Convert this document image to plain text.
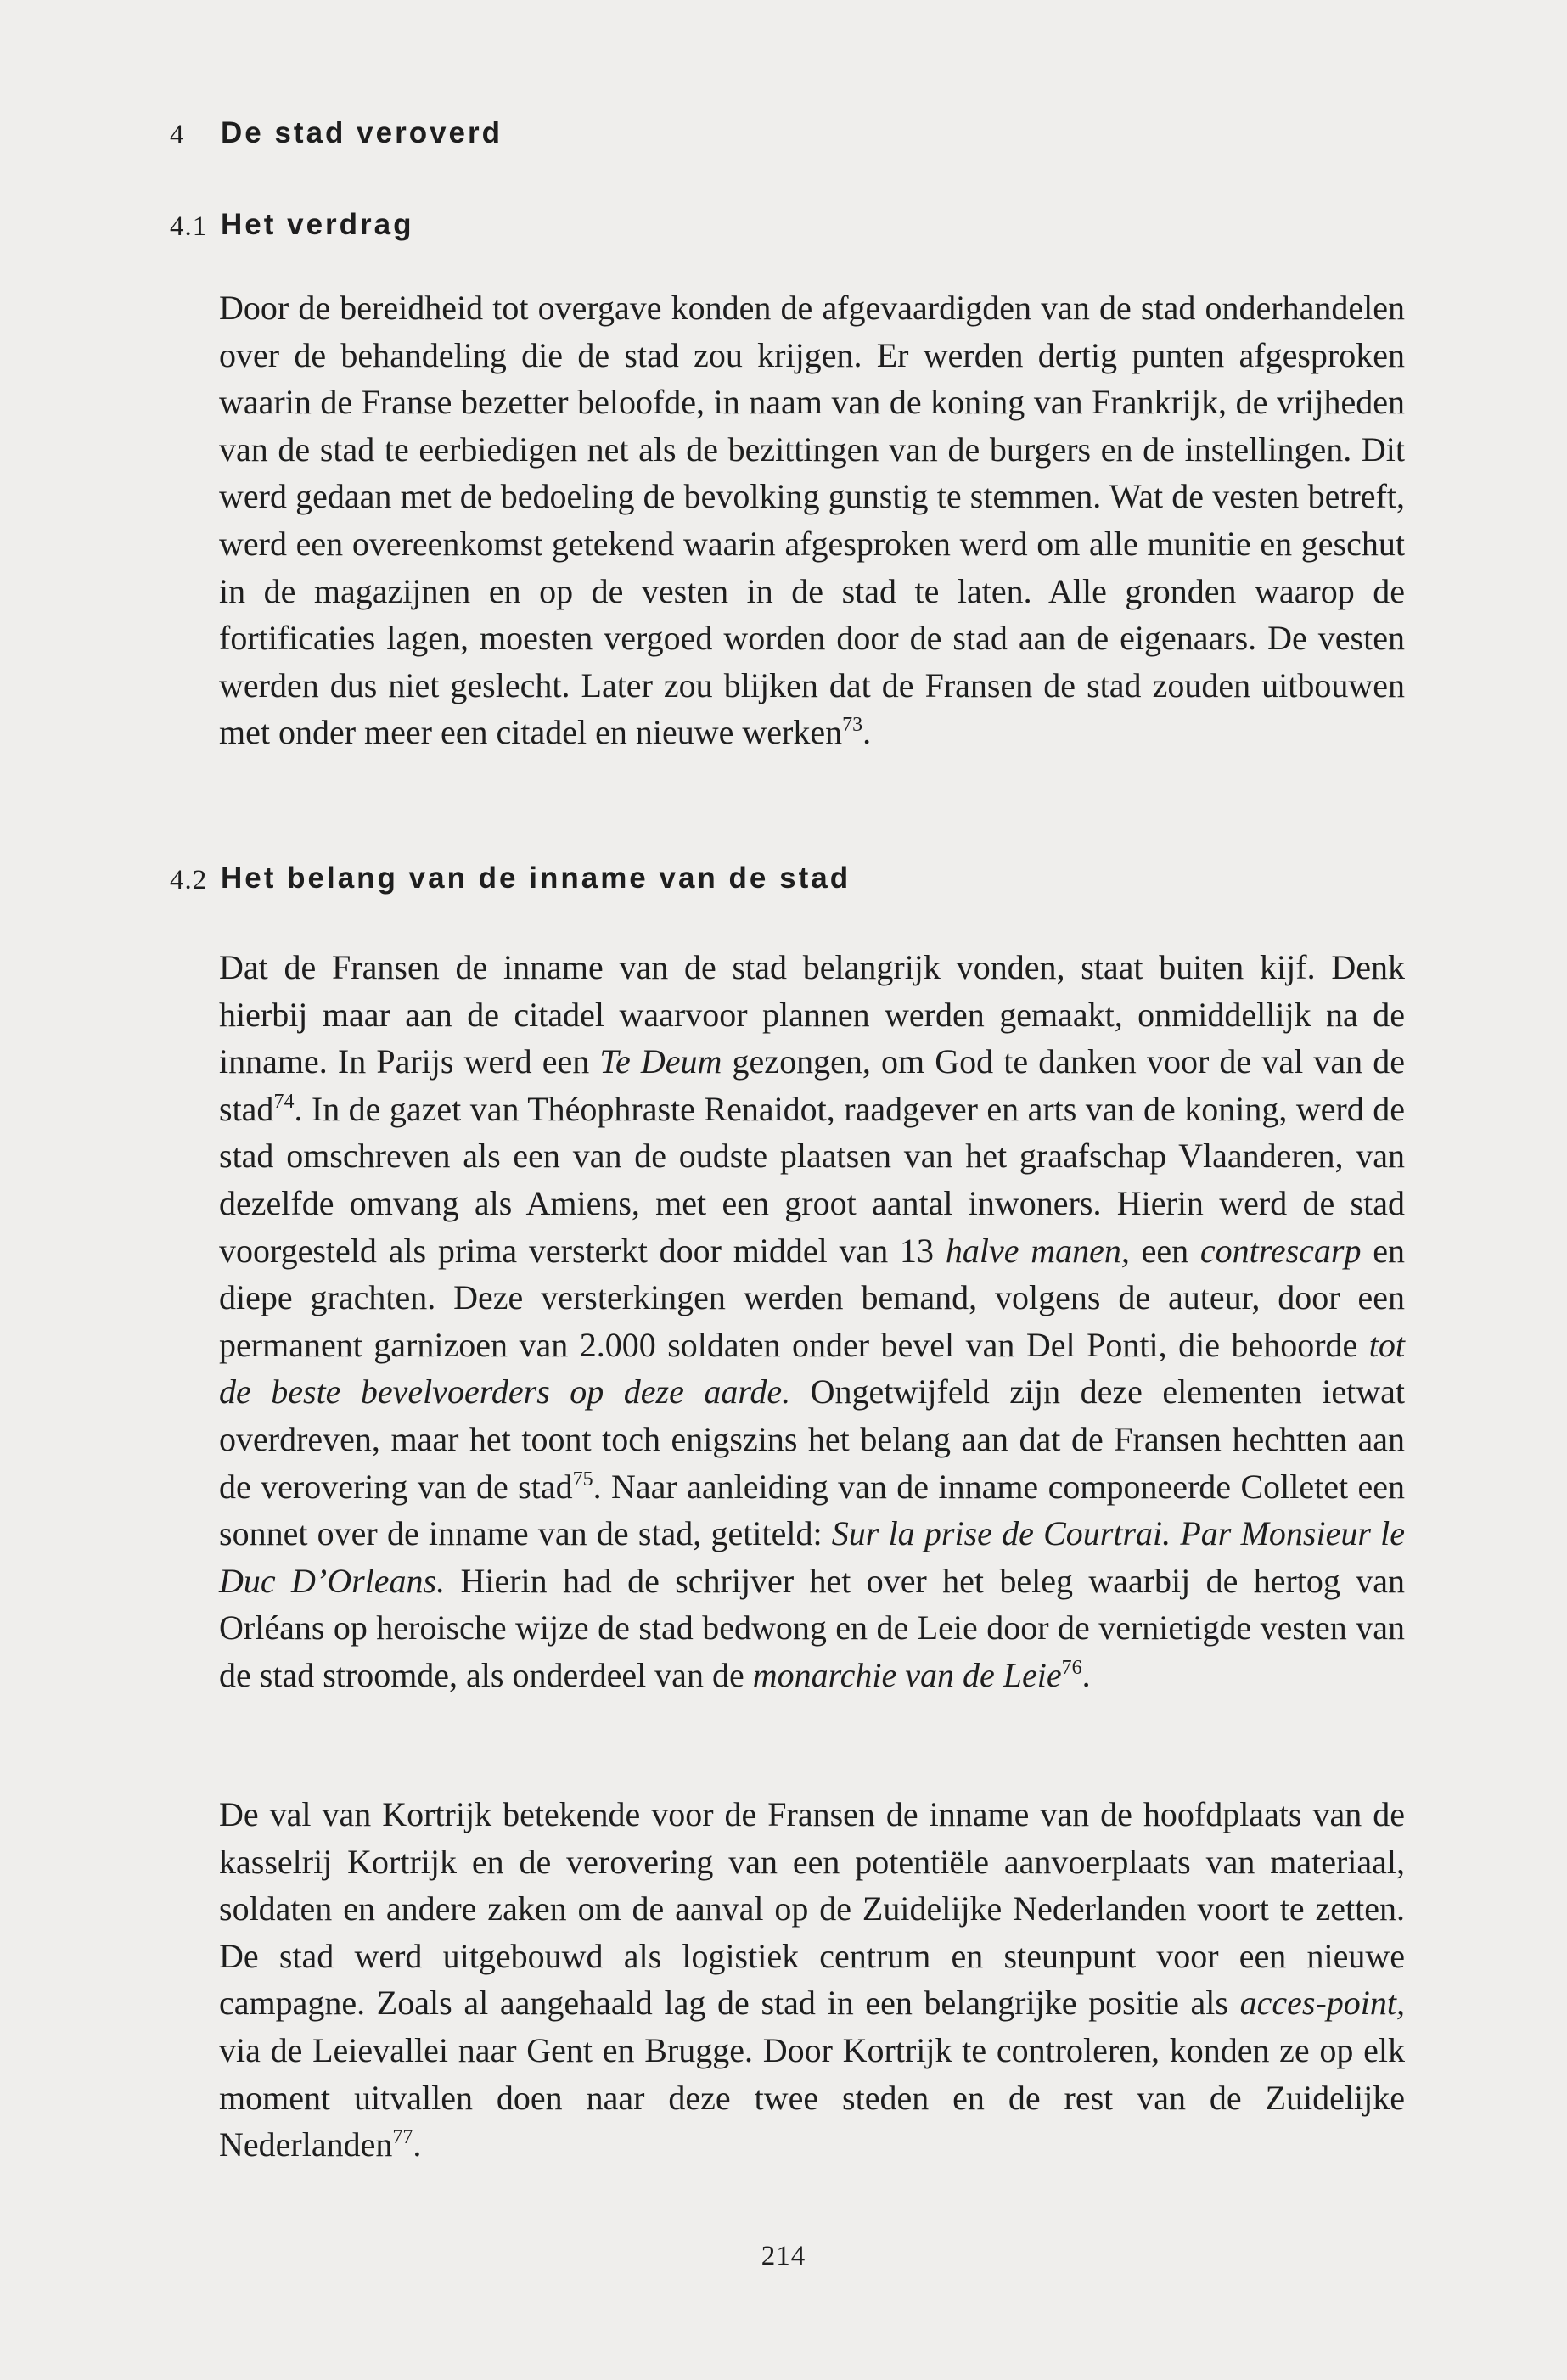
4 De stad veroverd
4.1 Het verdrag

Door de bereidheid tot overgave konden de afgevaardigden van de stad onderhandelen over de behandeling die de stad zou krijgen. Er werden dertig punten afgesproken waarin de Franse bezetter beloofde, in naam van de koning van Frankrijk, de vrijheden van de stad te eerbiedigen net als de bezittingen van de burgers en de instellingen. Dit werd gedaan met de bedoeling de bevolking gunstig te stemmen. Wat de vesten betreft, werd een overeenkomst getekend waarin afgesproken werd om alle munitie en geschut in de magazijnen en op de vesten in de stad te laten. Alle gronden waarop de fortificaties lagen, moesten vergoed worden door de stad aan de eigenaars. De vesten werden dus niet geslecht. Later zou blijken dat de Fransen de stad zouden uitbouwen met onder meer een citadel en nieuwe werken$^{73}$.

4.2 Het belang van de inname van de stad

Dat de Fransen de inname van de stad belangrijk vonden, staat buiten kijf. Denk hierbij maar aan de citadel waarvoor plannen werden gemaakt, onmiddellijk na de inname. In Parijs werd een Te Deum gezongen, om God te danken voor de val van de stad$^{74}$. In de gazet van Théophraste Renaidot, raadgever en arts van de koning, werd de stad omschreven als een van de oudste plaatsen van het graafschap Vlaanderen, van dezelfde omvang als Amiens, met een groot aantal inwoners. Hierin werd de stad voorgesteld als prima versterkt door middel van 13 halve manen, een contrescarp en diepe grachten. Deze versterkingen werden bemand, volgens de auteur, door een permanent garnizoen van 2.000 soldaten onder bevel van Del Ponti, die behoorde tot de beste bevelvoerders op deze aarde. Ongetwijfeld zijn deze elementen ietwat overdreven, maar het toont toch enigszins het belang aan dat de Fransen hechtten aan de verovering van de stad$^{75}$. Naar aanleiding van de inname componeerde Colletet een sonnet over de inname van de stad, getiteld: Sur la prise de Courtrai. Par Monsieur le Duc D’Orleans. Hierin had de schrijver het over het beleg waarbij de hertog van Orléans op heroische wijze de stad bedwong en de Leie door de vernietigde vesten van de stad stroomde, als onderdeel van de monarchie van de Leie$^{76}$.

De val van Kortrijk betekende voor de Fransen de inname van de hoofdplaats van de kasselrij Kortrijk en de verovering van een potentiële aanvoerplaats van materiaal, soldaten en andere zaken om de aanval op de Zuidelijke Nederlanden voort te zetten. De stad werd uitgebouwd als logistiek centrum en steunpunt voor een nieuwe campagne. Zoals al aangehaald lag de stad in een belangrijke positie als acces-point, via de Leievallei naar Gent en Brugge. Door Kortrijk te controleren, konden ze op elk moment uitvallen doen naar deze twee steden en de rest van de Zuidelijke Nederlanden$^{77}$.

214
